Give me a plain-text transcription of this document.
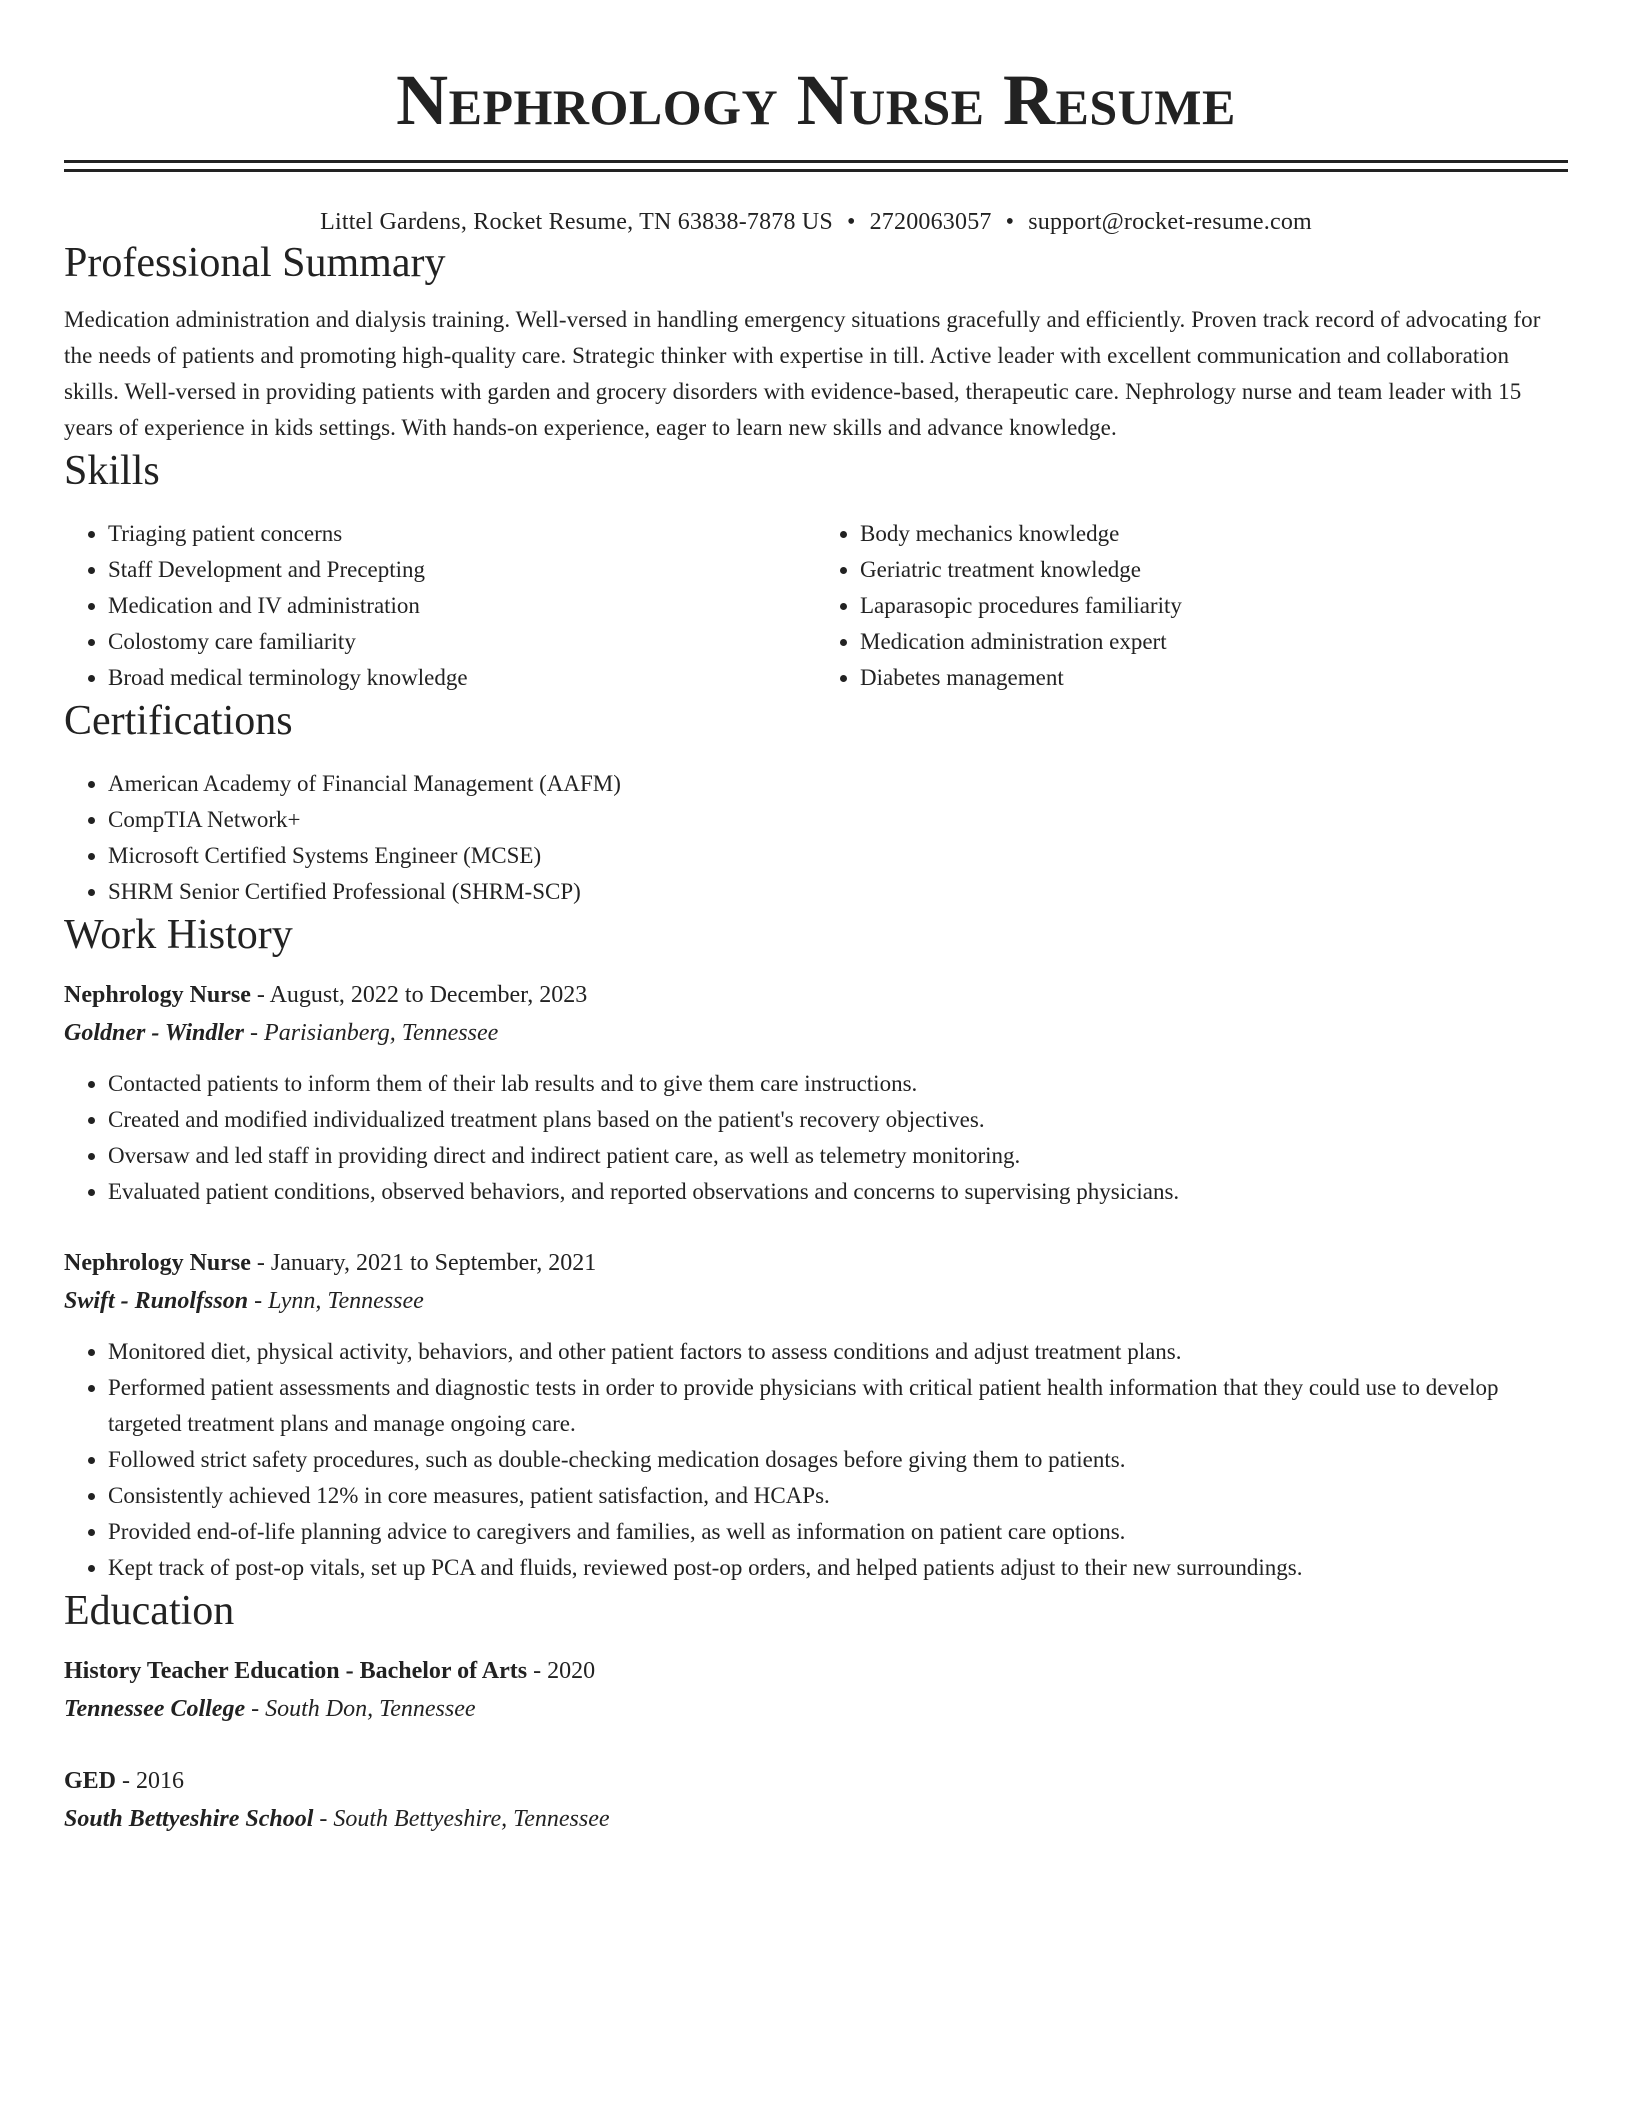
Nephrology Nurse Resume
Littel Gardens, Rocket Resume, TN 63838-7878 US • 2720063057 • support@rocket-resume.com
Professional Summary

Medication administration and dialysis training. Well-versed in handling emergency situations gracefully and efficiently. Proven track record of advocating for the needs of patients and promoting high-quality care. Strategic thinker with expertise in till. Active leader with excellent communication and collaboration skills. Well-versed in providing patients with garden and grocery disorders with evidence-based, therapeutic care. Nephrology nurse and team leader with 15 years of experience in kids settings. With hands-on experience, eager to learn new skills and advance knowledge.

Skills
• Triaging patient concerns
• Staff Development and Precepting
• Medication and IV administration
• Colostomy care familiarity
• Broad medical terminology knowledge
• Body mechanics knowledge
• Geriatric treatment knowledge
• Laparasopic procedures familiarity
• Medication administration expert
• Diabetes management
Certifications
• American Academy of Financial Management (AAFM)
• CompTIA Network+
• Microsoft Certified Systems Engineer (MCSE)
• SHRM Senior Certified Professional (SHRM-SCP)
Work History
Nephrology Nurse - August, 2022 to December, 2023
Goldner - Windler - Parisianberg, Tennessee
• Contacted patients to inform them of their lab results and to give them care instructions.
• Created and modified individualized treatment plans based on the patient's recovery objectives.
• Oversaw and led staff in providing direct and indirect patient care, as well as telemetry monitoring.
• Evaluated patient conditions, observed behaviors, and reported observations and concerns to supervising physicians.
Nephrology Nurse - January, 2021 to September, 2021
Swift - Runolfsson - Lynn, Tennessee
• Monitored diet, physical activity, behaviors, and other patient factors to assess conditions and adjust treatment plans.
• Performed patient assessments and diagnostic tests in order to provide physicians with critical patient health information that they could use to develop targeted treatment plans and manage ongoing care.
• Followed strict safety procedures, such as double-checking medication dosages before giving them to patients.
• Consistently achieved 12% in core measures, patient satisfaction, and HCAPs.
• Provided end-of-life planning advice to caregivers and families, as well as information on patient care options.
• Kept track of post-op vitals, set up PCA and fluids, reviewed post-op orders, and helped patients adjust to their new surroundings.
Education
History Teacher Education - Bachelor of Arts - 2020
Tennessee College - South Don, Tennessee
GED - 2016
South Bettyeshire School - South Bettyeshire, Tennessee
